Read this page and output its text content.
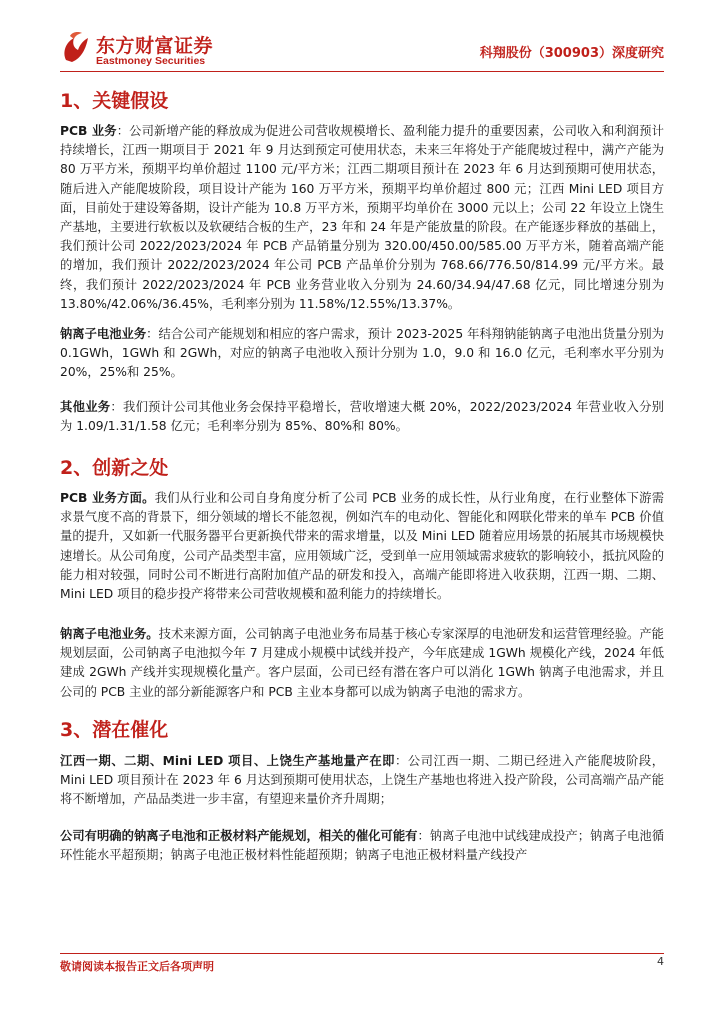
东方财富证券
Eastmoney Securities	科翔股份（300903）深度研究
1、关键假设
PCB 业务：公司新增产能的释放成为促进公司营收规模增长、盈利能力提升的重要因素，公司收入和利润预计持续增长，江西一期项目于 2021 年 9 月达到预定可使用状态，未来三年将处于产能爬坡过程中，满产产能为 80 万平方米，预期平均单价超过 1100 元/平方米；江西二期项目预计在 2023 年 6 月达到预期可使用状态，随后进入产能爬坡阶段，项目设计产能为 160 万平方米，预期平均单价超过 800 元；江西 Mini LED 项目方面，目前处于建设筹备期，设计产能为 10.8 万平方米，预期平均单价在 3000 元以上；公司 22 年设立上饶生产基地，主要进行软板以及软硬结合板的生产，23 年和 24 年是产能放量的阶段。在产能逐步释放的基础上，我们预计公司 2022/2023/2024 年 PCB 产品销量分别为 320.00/450.00/585.00 万平方米，随着高端产能的增加，我们预计 2022/2023/2024 年公司 PCB 产品单价分别为 768.66/776.50/814.99 元/平方米。最终，我们预计 2022/2023/2024 年 PCB 业务营业收入分别为 24.60/34.94/47.68 亿元，同比增速分别为 13.80%/42.06%/36.45%，毛利率分别为 11.58%/12.55%/13.37%。
钠离子电池业务：结合公司产能规划和相应的客户需求，预计 2023-2025 年科翔钠能钠离子电池出货量分别为 0.1GWh，1GWh 和 2GWh，对应的钠离子电池收入预计分别为 1.0，9.0 和 16.0 亿元，毛利率水平分别为 20%，25%和 25%。
其他业务：我们预计公司其他业务会保持平稳增长，营收增速大概 20%，2022/2023/2024 年营业收入分别为 1.09/1.31/1.58 亿元；毛利率分别为 85%、80%和 80%。
2、创新之处
PCB 业务方面。我们从行业和公司自身角度分析了公司 PCB 业务的成长性，从行业角度，在行业整体下游需求景气度不高的背景下，细分领域的增长不能忽视，例如汽车的电动化、智能化和网联化带来的单车 PCB 价值量的提升，又如新一代服务器平台更新换代带来的需求增量，以及 Mini LED 随着应用场景的拓展其市场规模快速增长。从公司角度，公司产品类型丰富，应用领域广泛，受到单一应用领域需求疲软的影响较小，抵抗风险的能力相对较强，同时公司不断进行高附加值产品的研发和投入，高端产能即将进入收获期，江西一期、二期、Mini LED 项目的稳步投产将带来公司营收规模和盈利能力的持续增长。
钠离子电池业务。技术来源方面，公司钠离子电池业务布局基于核心专家深厚的电池研发和运营管理经验。产能规划层面，公司钠离子电池拟今年 7 月建成小规模中试线并投产，今年底建成 1GWh 规模化产线，2024 年低建成 2GWh 产线并实现规模化量产。客户层面，公司已经有潜在客户可以消化 1GWh 钠离子电池需求，并且公司的 PCB 主业的部分新能源客户和 PCB 主业本身都可以成为钠离子电池的需求方。
3、潜在催化
江西一期、二期、Mini LED 项目、上饶生产基地量产在即：公司江西一期、二期已经进入产能爬坡阶段，Mini LED 项目预计在 2023 年 6 月达到预期可使用状态，上饶生产基地也将进入投产阶段，公司高端产品产能将不断增加，产品品类进一步丰富，有望迎来量价齐升周期；
公司有明确的钠离子电池和正极材料产能规划，相关的催化可能有：钠离子电池中试线建成投产；钠离子电池循环性能水平超预期；钠离子电池正极材料性能超预期；钠离子电池正极材料量产线投产
敬请阅读本报告正文后各项声明	4
